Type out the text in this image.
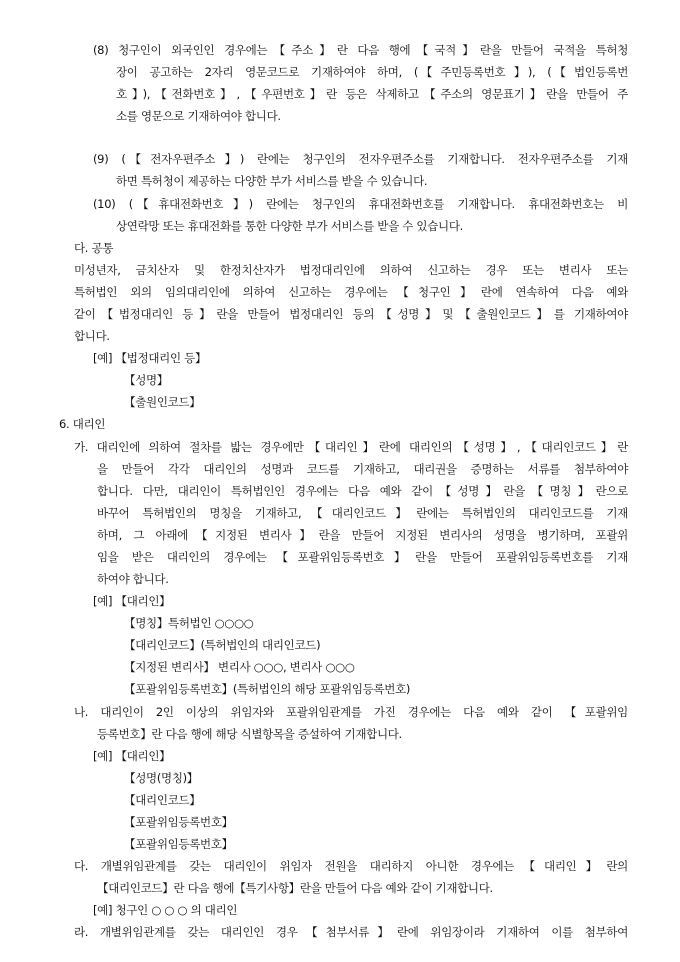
(8) 청구인이 외국인인 경우에는【주소】란 다음 행에【국적】란을 만들어 국적을 특허청
장이 공고하는 2자리 영문코드로 기재하여야 하며, (【주민등록번호】), (【법인등록번
호】),【전화번호】,【우편번호】란 등은 삭제하고【주소의 영문표기】란을 만들어 주
소를 영문으로 기재하여야 합니다.
(9) (【전자우편주소】) 란에는 청구인의 전자우편주소를 기재합니다. 전자우편주소를 기재
하면 특허청이 제공하는 다양한 부가 서비스를 받을 수 있습니다.
(10) (【휴대전화번호】) 란에는 청구인의 휴대전화번호를 기재합니다. 휴대전화번호는 비
상연락망 또는 휴대전화를 통한 다양한 부가 서비스를 받을 수 있습니다.
다. 공통
미성년자, 금치산자 및 한정치산자가 법정대리인에 의하여 신고하는 경우 또는 변리사 또는
특허법인 외의 임의대리인에 의하여 신고하는 경우에는【청구인】란에 연속하여 다음 예와
같이【법정대리인 등】란을 만들어 법정대리인 등의【성명】및【출원인코드】를 기재하여야
합니다.
[예] 【법정대리인 등】
【성명】
【출원인코드】
6. 대리인
가. 대리인에 의하여 절차를 밟는 경우에만【대리인】란에 대리인의【성명】,【대리인코드】란
을 만들어 각각 대리인의 성명과 코드를 기재하고, 대리권을 증명하는 서류를 첨부하여야
합니다. 다만, 대리인이 특허법인인 경우에는 다음 예와 같이【성명】란을【명칭】란으로
바꾸어 특허법인의 명칭을 기재하고,【대리인코드】란에는 특허법인의 대리인코드를 기재
하며, 그 아래에【지정된 변리사】란을 만들어 지정된 변리사의 성명을 병기하며, 포괄위
임을 받은 대리인의 경우에는【포괄위임등록번호】란을 만들어 포괄위임등록번호를 기재
하여야 합니다.
[예] 【대리인】
【명칭】특허법인 ○○○○
【대리인코드】(특허법인의 대리인코드)
【지정된 변리사】 변리사 ○○○, 변리사 ○○○
【포괄위임등록번호】(특허법인의 해당 포괄위임등록번호)
나. 대리인이 2인 이상의 위임자와 포괄위임관계를 가진 경우에는 다음 예와 같이 【포괄위임
등록번호】란 다음 행에 해당 식별항목을 증설하여 기재합니다.
[예] 【대리인】
【성명(명칭)】
【대리인코드】
【포괄위임등록번호】
【포괄위임등록번호】
다. 개별위임관계를 갖는 대리인이 위임자 전원을 대리하지 아니한 경우에는【대리인】란의
【대리인코드】란 다음 행에【특기사항】란을 만들어 다음 예와 같이 기재합니다.
[예] 청구인 ○ ○ ○ 의 대리인
라. 개별위임관계를 갖는 대리인인 경우【첨부서류】란에 위임장이라 기재하여 이를 첨부하여
